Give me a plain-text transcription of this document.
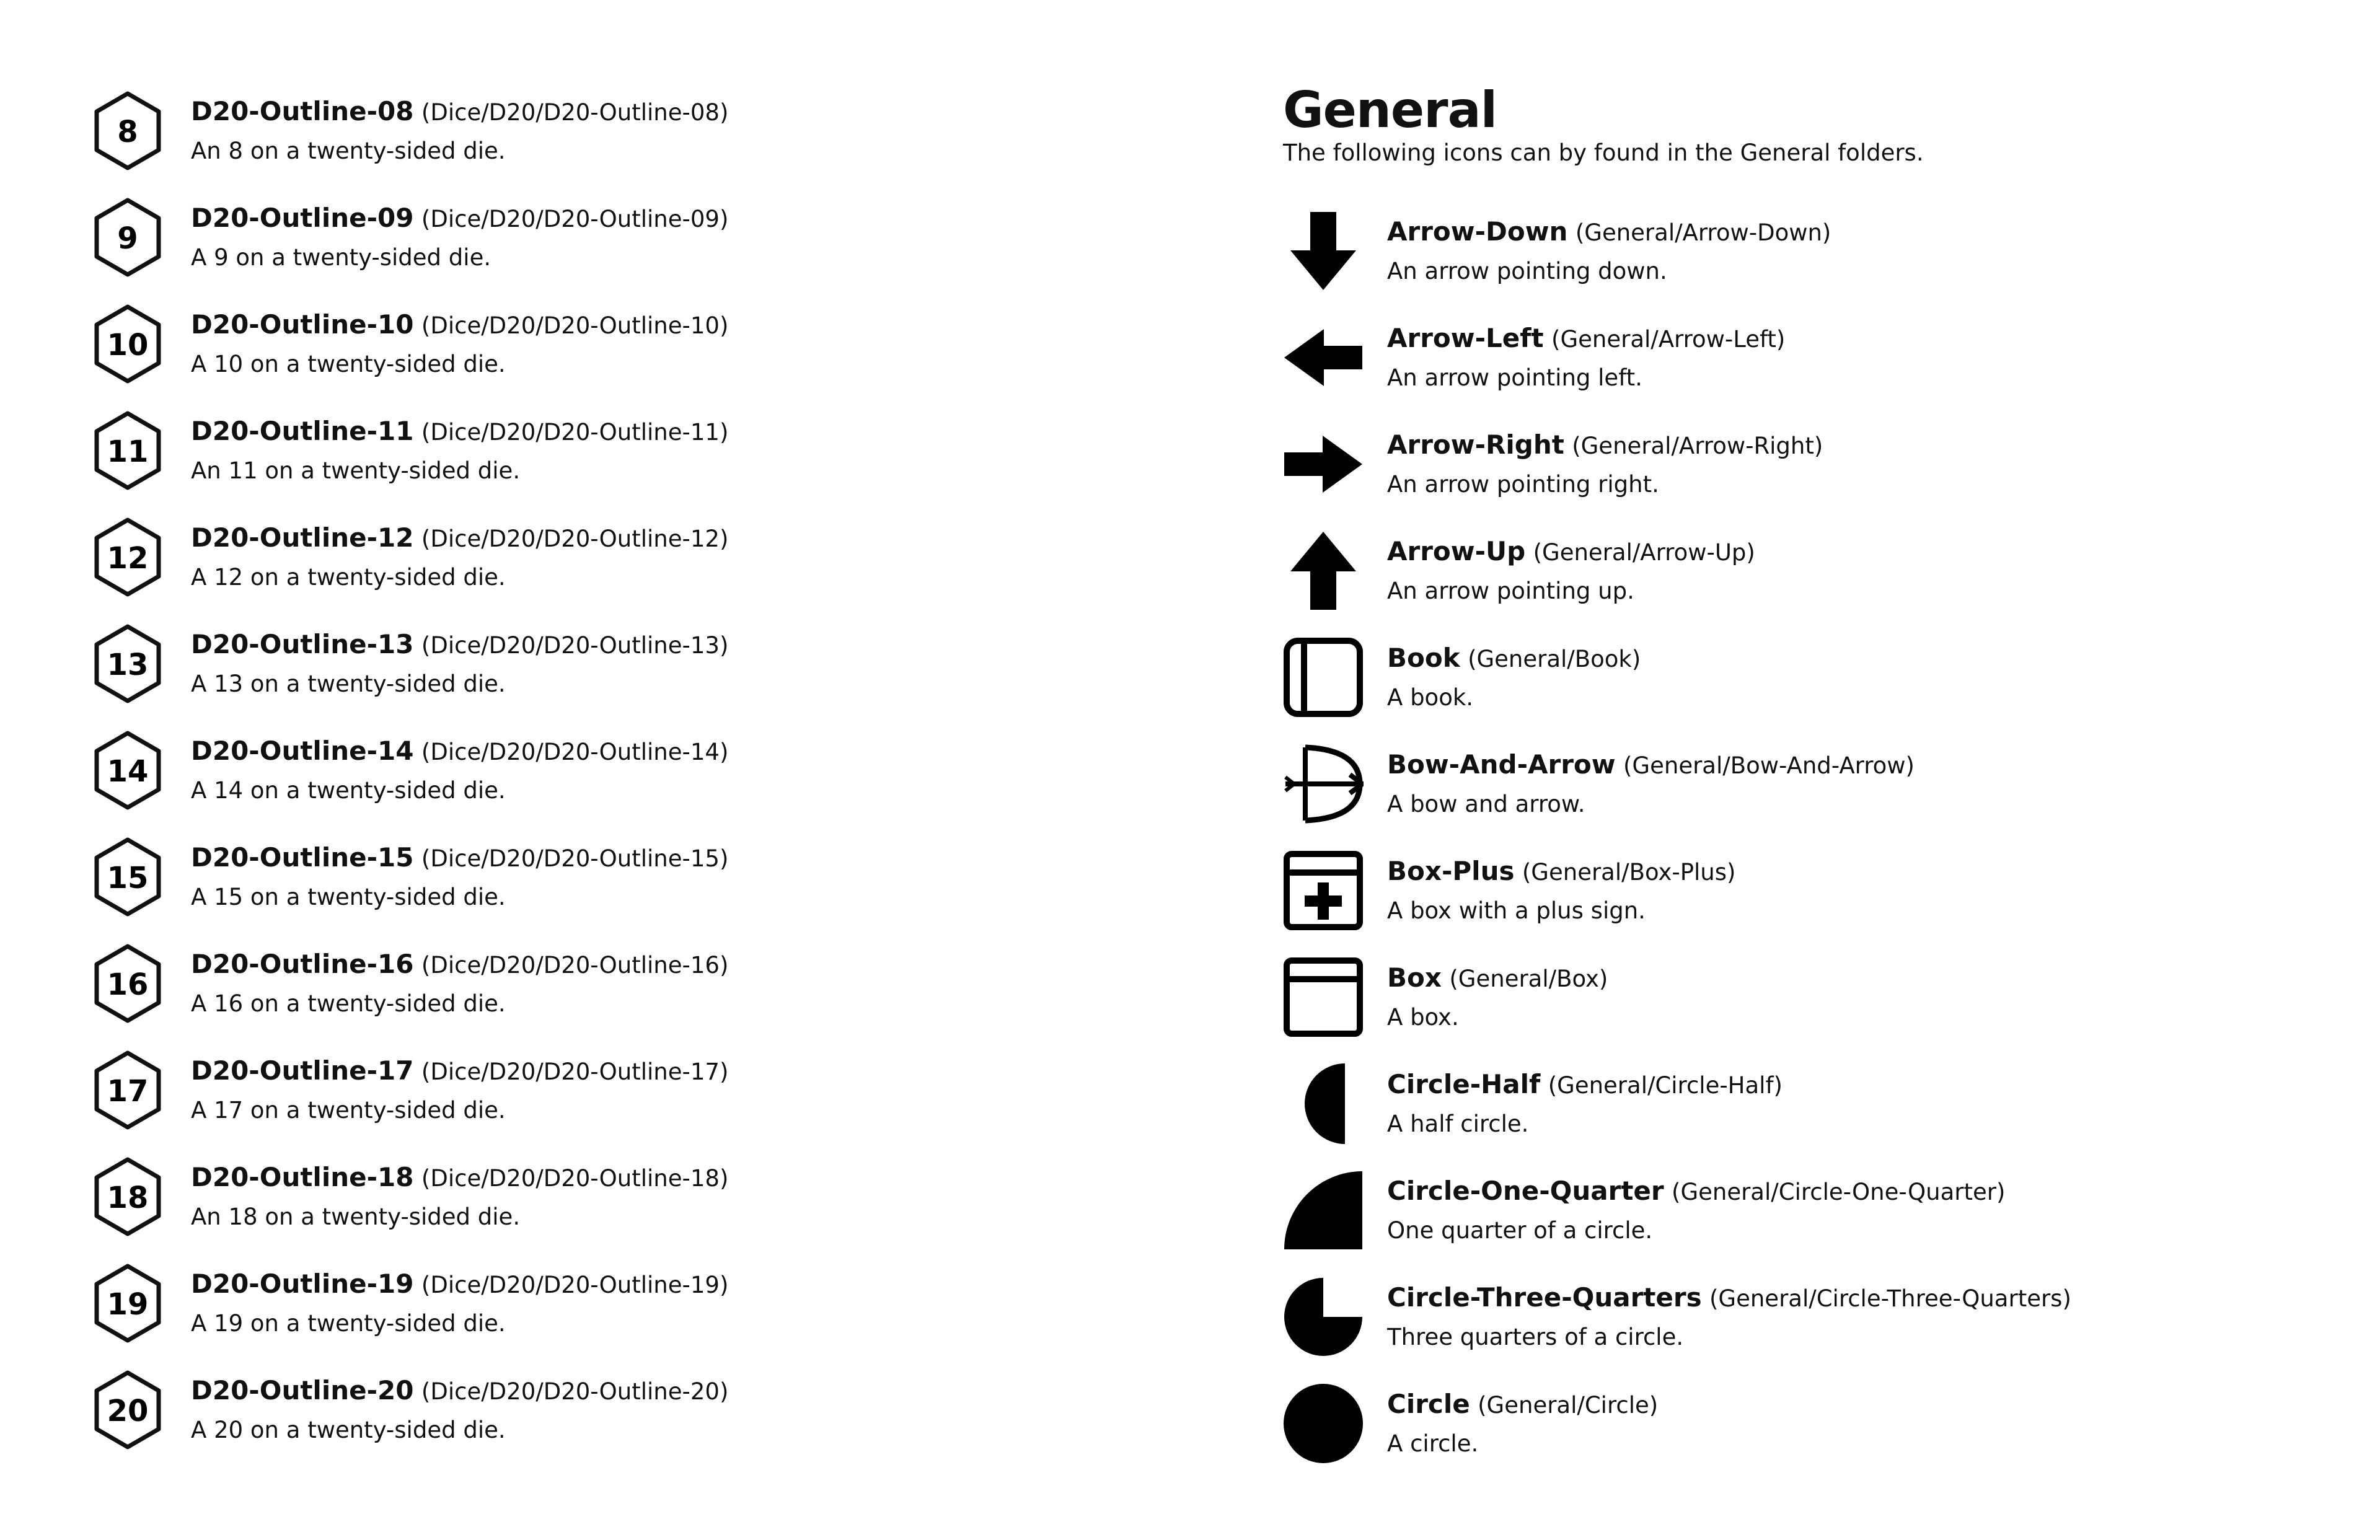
8
D20-Outline-08 (Dice/D20/D20-Outline-08)
An 8 on a twenty-sided die.
9
D20-Outline-09 (Dice/D20/D20-Outline-09)
A 9 on a twenty-sided die.
10
D20-Outline-10 (Dice/D20/D20-Outline-10)
A 10 on a twenty-sided die.
11
D20-Outline-11 (Dice/D20/D20-Outline-11)
An 11 on a twenty-sided die.
12
D20-Outline-12 (Dice/D20/D20-Outline-12)
A 12 on a twenty-sided die.
13
D20-Outline-13 (Dice/D20/D20-Outline-13)
A 13 on a twenty-sided die.
14
D20-Outline-14 (Dice/D20/D20-Outline-14)
A 14 on a twenty-sided die.
15
D20-Outline-15 (Dice/D20/D20-Outline-15)
A 15 on a twenty-sided die.
16
D20-Outline-16 (Dice/D20/D20-Outline-16)
A 16 on a twenty-sided die.
17
D20-Outline-17 (Dice/D20/D20-Outline-17)
A 17 on a twenty-sided die.
18
D20-Outline-18 (Dice/D20/D20-Outline-18)
An 18 on a twenty-sided die.
19
D20-Outline-19 (Dice/D20/D20-Outline-19)
A 19 on a twenty-sided die.
20
D20-Outline-20 (Dice/D20/D20-Outline-20)
A 20 on a twenty-sided die.
General

The following icons can by found in the General folders.

Arrow-Down (General/Arrow-Down)
An arrow pointing down.
Arrow-Left (General/Arrow-Left)
An arrow pointing left.
Arrow-Right (General/Arrow-Right)
An arrow pointing right.
Arrow-Up (General/Arrow-Up)
An arrow pointing up.
Book (General/Book)
A book.
Bow-And-Arrow (General/Bow-And-Arrow)
A bow and arrow.
Box-Plus (General/Box-Plus)
A box with a plus sign.
Box (General/Box)
A box.
Circle-Half (General/Circle-Half)
A half circle.
Circle-One-Quarter (General/Circle-One-Quarter)
One quarter of a circle.
Circle-Three-Quarters (General/Circle-Three-Quarters)
Three quarters of a circle.
Circle (General/Circle)
A circle.
